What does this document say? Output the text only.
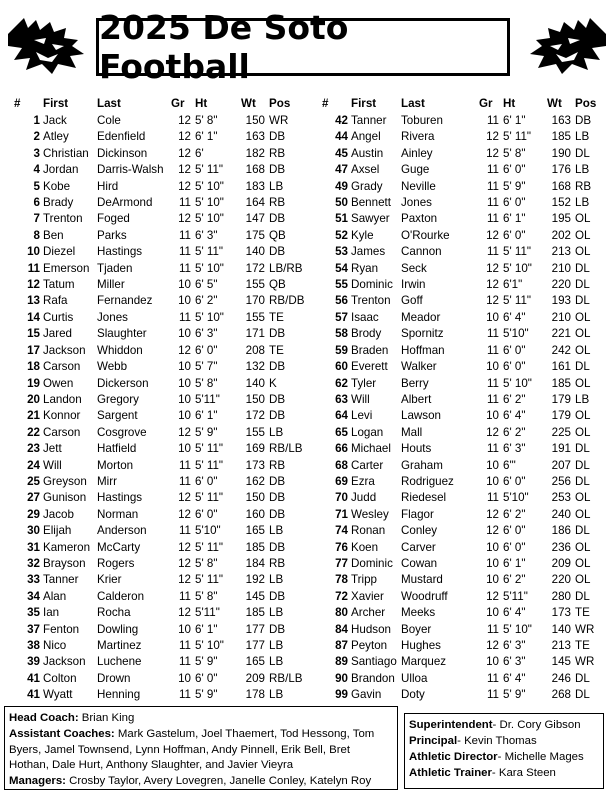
2025 De Soto Football
#	First	Last	Gr	Ht	Wt	Pos
1	Jack	Cole	12	5' 8"	150	WR
2	Atley	Edenfield	12	6' 1"	163	DB
3	Christian	Dickinson	12	6'	182	RB
4	Jordan	Darris-Walsh	12	5' 11"	168	DB
5	Kobe	Hird	12	5' 10"	183	LB
6	Brady	DeArmond	11	5' 10"	164	RB
7	Trenton	Foged	12	5' 10"	147	DB
8	Ben	Parks	11	6' 3"	175	QB
10	Diezel	Hastings	11	5' 11"	140	DB
11	Emerson	Tjaden	11	5' 10"	172	LB/RB
12	Tatum	Miller	10	6' 5"	155	QB
13	Rafa	Fernandez	10	6' 2"	170	RB/DB
14	Curtis	Jones	11	5' 10"	155	TE
15	Jared	Slaughter	10	6' 3"	171	DB
17	Jackson	Whiddon	12	6' 0"	208	TE
18	Carson	Webb	10	5' 7"	132	DB
19	Owen	Dickerson	10	5' 8"	140	K
20	Landon	Gregory	10	5'11"	150	DB
21	Konnor	Sargent	10	6' 1"	172	DB
22	Carson	Cosgrove	12	5' 9"	155	LB
23	Jett	Hatfield	10	5' 11"	169	RB/LB
24	Will	Morton	11	5' 11"	173	RB
25	Greyson	Mirr	11	6' 0"	162	DB
27	Gunison	Hastings	12	5' 11"	150	DB
29	Jacob	Norman	12	6' 0"	160	DB
30	Elijah	Anderson	11	5'10"	165	LB
31	Kameron	McCarty	12	5' 11"	185	DB
32	Brayson	Rogers	12	5' 8"	184	RB
33	Tanner	Krier	12	5' 11"	192	LB
34	Alan	Calderon	11	5' 8"	145	DB
35	Ian	Rocha	12	5'11"	185	LB
37	Fenton	Dowling	10	6' 1"	177	DB
38	Nico	Martinez	11	5' 10"	177	LB
39	Jackson	Luchene	11	5' 9"	165	LB
41	Colton	Drown	10	6' 0"	209	RB/LB
41	Wyatt	Henning	11	5' 9"	178	LB
#	First	Last	Gr	Ht	Wt	Pos
42	Tanner	Toburen	11	6' 1"	163	DB
44	Angel	Rivera	12	5' 11"	185	LB
45	Austin	Ainley	12	5' 8"	190	DL
47	Axsel	Guge	11	6' 0"	176	LB
49	Grady	Neville	11	5' 9"	168	RB
50	Bennett	Jones	11	6' 0"	152	LB
51	Sawyer	Paxton	11	6' 1"	195	OL
52	Kyle	O'Rourke	12	6' 0"	202	OL
53	James	Cannon	11	5' 11"	213	OL
54	Ryan	Seck	12	5' 10"	210	DL
55	Dominic	Irwin	12	6'1"	220	DL
56	Trenton	Goff	12	5' 11"	193	DL
57	Isaac	Meador	10	6' 4"	210	OL
58	Brody	Spornitz	11	5'10"	221	OL
59	Braden	Hoffman	11	6' 0"	242	OL
60	Everett	Walker	10	6' 0"	161	DL
62	Tyler	Berry	11	5' 10"	185	OL
63	Will	Albert	11	6' 2"	179	LB
64	Levi	Lawson	10	6' 4"	179	OL
65	Logan	Mall	12	6' 2"	225	OL
66	Michael	Houts	11	6' 3"	191	DL
68	Carter	Graham	10	6'"	207	DL
69	Ezra	Rodriguez	10	6' 0"	256	DL
70	Judd	Riedesel	11	5'10"	253	OL
71	Wesley	Flagor	12	6' 2"	240	OL
74	Ronan	Conley	12	6' 0"	186	DL
76	Koen	Carver	10	6' 0"	236	OL
77	Dominic	Cowan	10	6' 1"	209	OL
78	Tripp	Mustard	10	6' 2"	220	OL
72	Xavier	Woodruff	12	5'11"	280	DL
80	Archer	Meeks	10	6' 4"	173	TE
84	Hudson	Boyer	11	5' 10"	140	WR
87	Peyton	Hughes	12	6' 3"	213	TE
89	Santiago	Marquez	10	6' 3"	145	WR
90	Brandon	Ulloa	11	6' 4"	246	DL
99	Gavin	Doty	11	5' 9"	268	DL
Head Coach: Brian King
Assistant Coaches: Mark Gastelum, Joel Thaemert, Tod Hessong, Tom Byers, Jamel Townsend, Lynn Hoffman, Andy Pinnell, Erik Bell, Bret Hothan, Dale Hurt, Anthony Slaughter, and Javier Vieyra
Managers: Crosby Taylor, Avery Lovegren, Janelle Conley, Katelyn Roy
Superintendent- Dr. Cory Gibson
Principal- Kevin Thomas
Athletic Director- Michelle Mages
Athletic Trainer- Kara Steen
